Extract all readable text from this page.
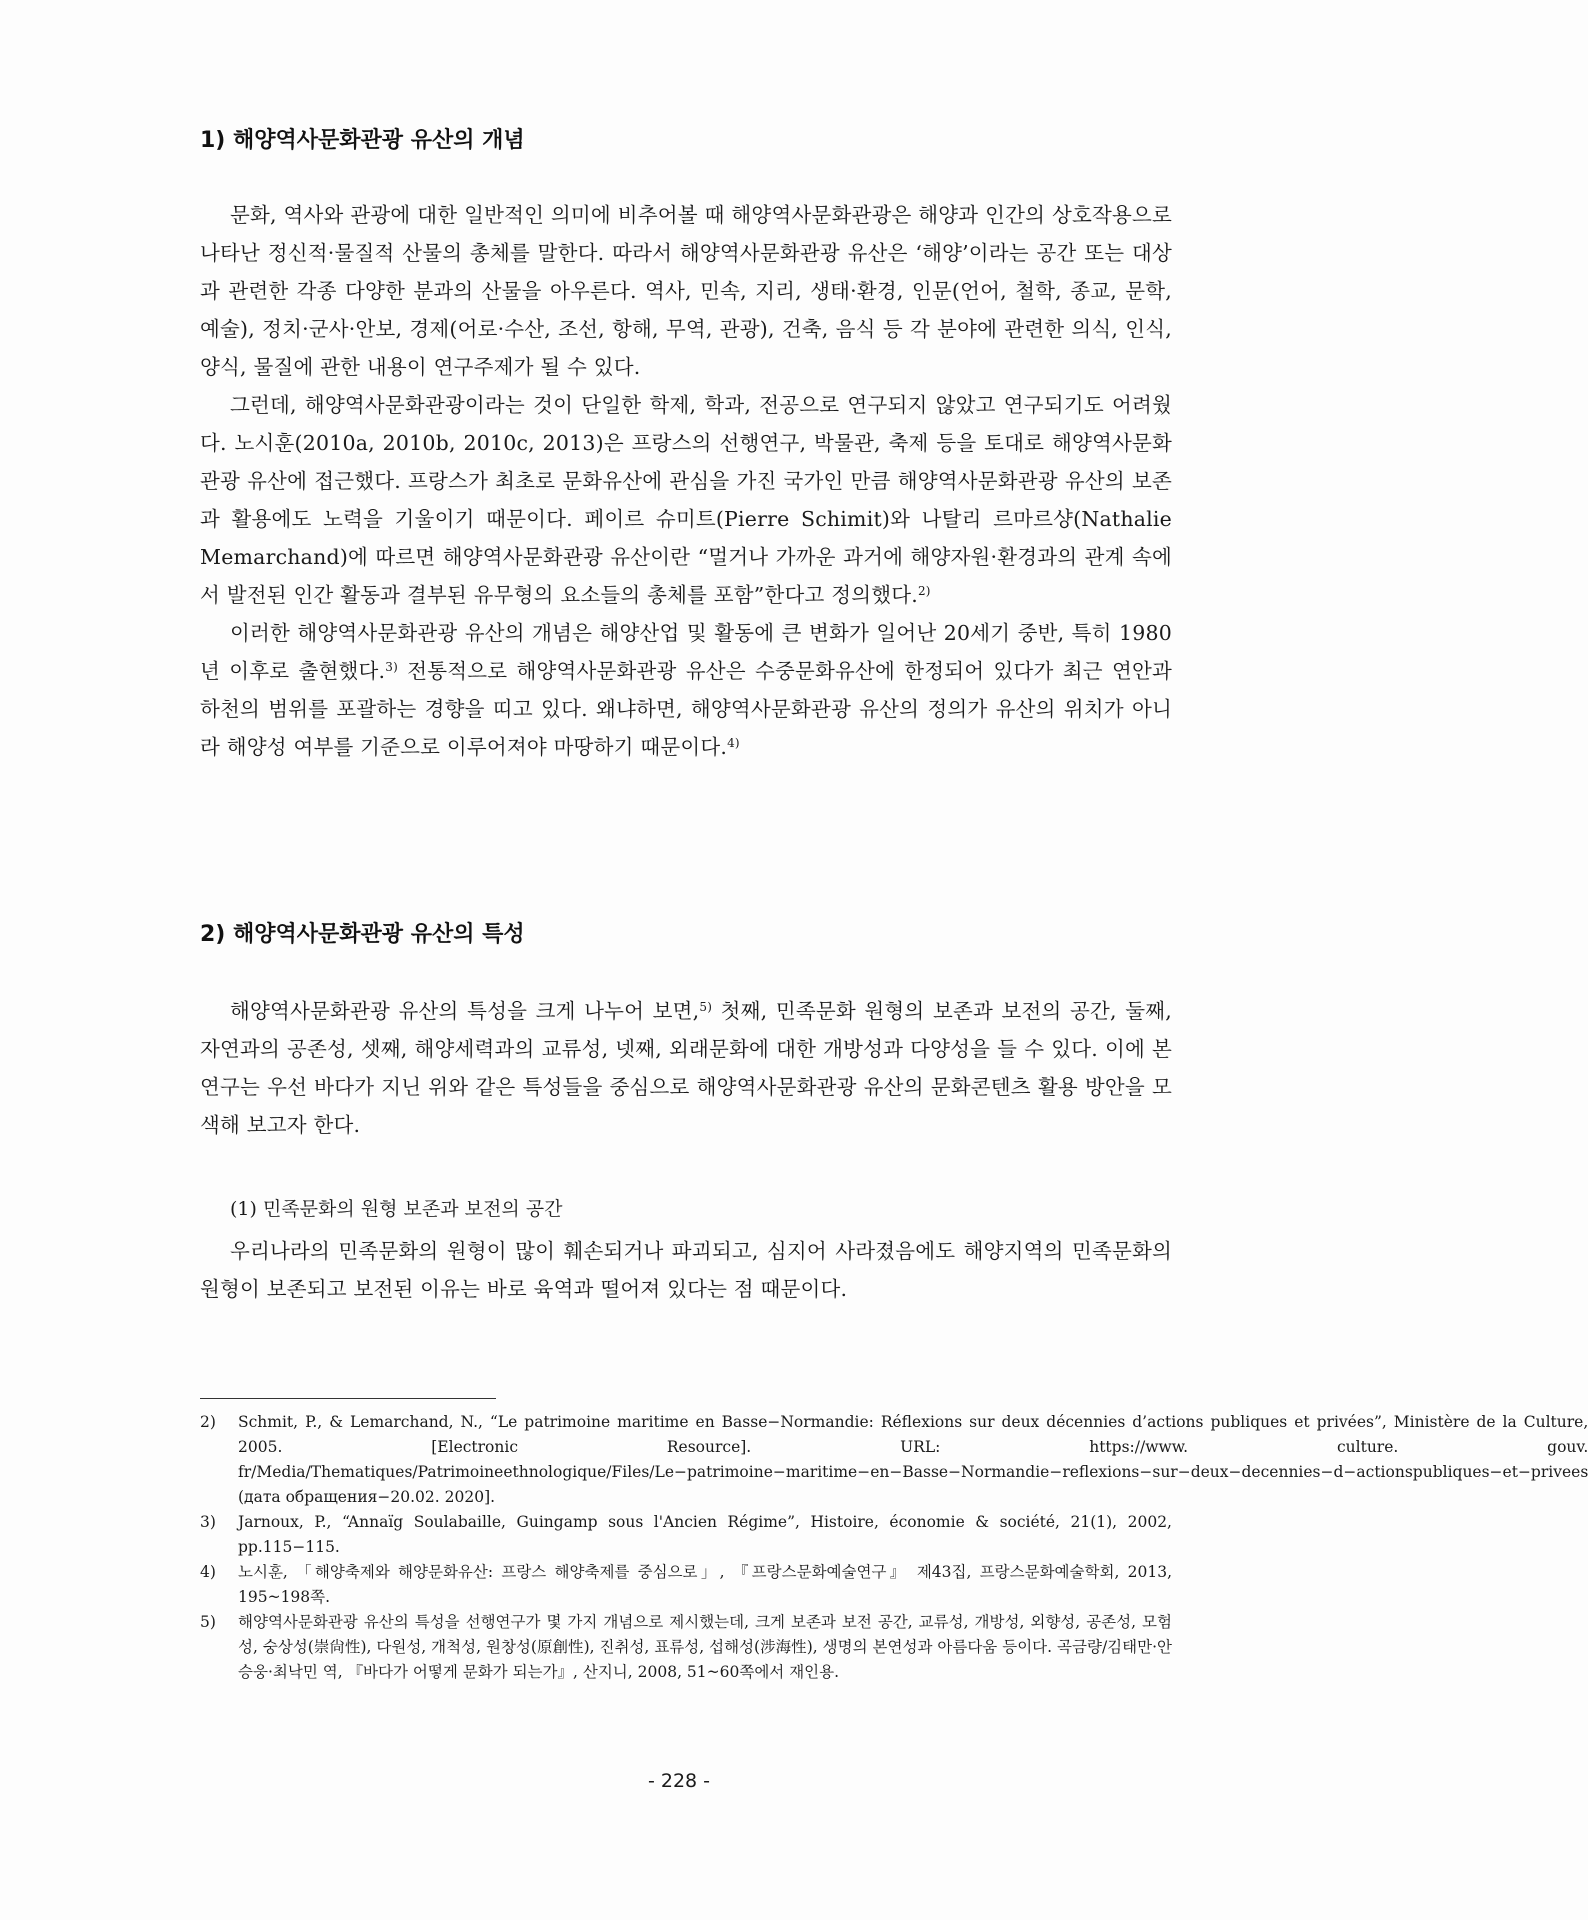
1) 해양역사문화관광 유산의 개념

문화, 역사와 관광에 대한 일반적인 의미에 비추어볼 때 해양역사문화관광은 해양과 인간의 상호작용으로 나타난 정신적·물질적 산물의 총체를 말한다. 따라서 해양역사문화관광 유산은 ‘해양’이라는 공간 또는 대상과 관련한 각종 다양한 분과의 산물을 아우른다. 역사, 민속, 지리, 생태·환경, 인문(언어, 철학, 종교, 문학, 예술), 정치·군사·안보, 경제(어로·수산, 조선, 항해, 무역, 관광), 건축, 음식 등 각 분야에 관련한 의식, 인식, 양식, 물질에 관한 내용이 연구주제가 될 수 있다.

그런데, 해양역사문화관광이라는 것이 단일한 학제, 학과, 전공으로 연구되지 않았고 연구되기도 어려웠다. 노시훈(2010a, 2010b, 2010c, 2013)은 프랑스의 선행연구, 박물관, 축제 등을 토대로 해양역사문화관광 유산에 접근했다. 프랑스가 최초로 문화유산에 관심을 가진 국가인 만큼 해양역사문화관광 유산의 보존과 활용에도 노력을 기울이기 때문이다. 페이르 슈미트(Pierre Schimit)와 나탈리 르마르샹(Nathalie Memarchand)에 따르면 해양역사문화관광 유산이란 “멀거나 가까운 과거에 해양자원·환경과의 관계 속에서 발전된 인간 활동과 결부된 유무형의 요소들의 총체를 포함”한다고 정의했다.$^{2)}$

이러한 해양역사문화관광 유산의 개념은 해양산업 및 활동에 큰 변화가 일어난 20세기 중반, 특히 1980년 이후로 출현했다.$^{3)}$ 전통적으로 해양역사문화관광 유산은 수중문화유산에 한정되어 있다가 최근 연안과 하천의 범위를 포괄하는 경향을 띠고 있다. 왜냐하면, 해양역사문화관광 유산의 정의가 유산의 위치가 아니라 해양성 여부를 기준으로 이루어져야 마땅하기 때문이다.$^{4)}$

2) 해양역사문화관광 유산의 특성

해양역사문화관광 유산의 특성을 크게 나누어 보면,$^{5)}$ 첫째, 민족문화 원형의 보존과 보전의 공간, 둘째, 자연과의 공존성, 셋째, 해양세력과의 교류성, 넷째, 외래문화에 대한 개방성과 다양성을 들 수 있다. 이에 본 연구는 우선 바다가 지닌 위와 같은 특성들을 중심으로 해양역사문화관광 유산의 문화콘텐츠 활용 방안을 모색해 보고자 한다.

(1) 민족문화의 원형 보존과 보전의 공간

우리나라의 민족문화의 원형이 많이 훼손되거나 파괴되고, 심지어 사라졌음에도 해양지역의 민족문화의 원형이 보존되고 보전된 이유는 바로 육역과 떨어져 있다는 점 때문이다.

2)	Schmit, P., & Lemarchand, N., “Le patrimoine maritime en Basse−Normandie: Réflexions sur deux décennies d’actions publiques et privées”, Ministère de la Culture, 2005. [Electronic Resource]. URL: https://www. culture. gouv. fr/Media/Thematiques/Patrimoineethnologique/Files/Le−patrimoine−maritime−en−Basse−Normandie−reflexions−sur−deux−decennies−d−actionspubliques−et−privees (дата обращения−20.02. 2020].
3)	Jarnoux, P., “Annaïg Soulabaille, Guingamp sous l'Ancien Régime”, Histoire, économie & société, 21(1), 2002, pp.115−115.
4)	노시훈, 「해양축제와 해양문화유산: 프랑스 해양축제를 중심으로」, 『프랑스문화예술연구』 제43집, 프랑스문화예술학회, 2013, 195~198쪽.
5)	해양역사문화관광 유산의 특성을 선행연구가 몇 가지 개념으로 제시했는데, 크게 보존과 보전 공간, 교류성, 개방성, 외향성, 공존성, 모험성, 숭상성(崇尙性), 다원성, 개척성, 원창성(原創性), 진취성, 표류성, 섭해성(涉海性), 생명의 본연성과 아름다움 등이다. 곡금량/김태만·안승웅·최낙민 역, 『바다가 어떻게 문화가 되는가』, 산지니, 2008, 51~60쪽에서 재인용.
- 228 -
